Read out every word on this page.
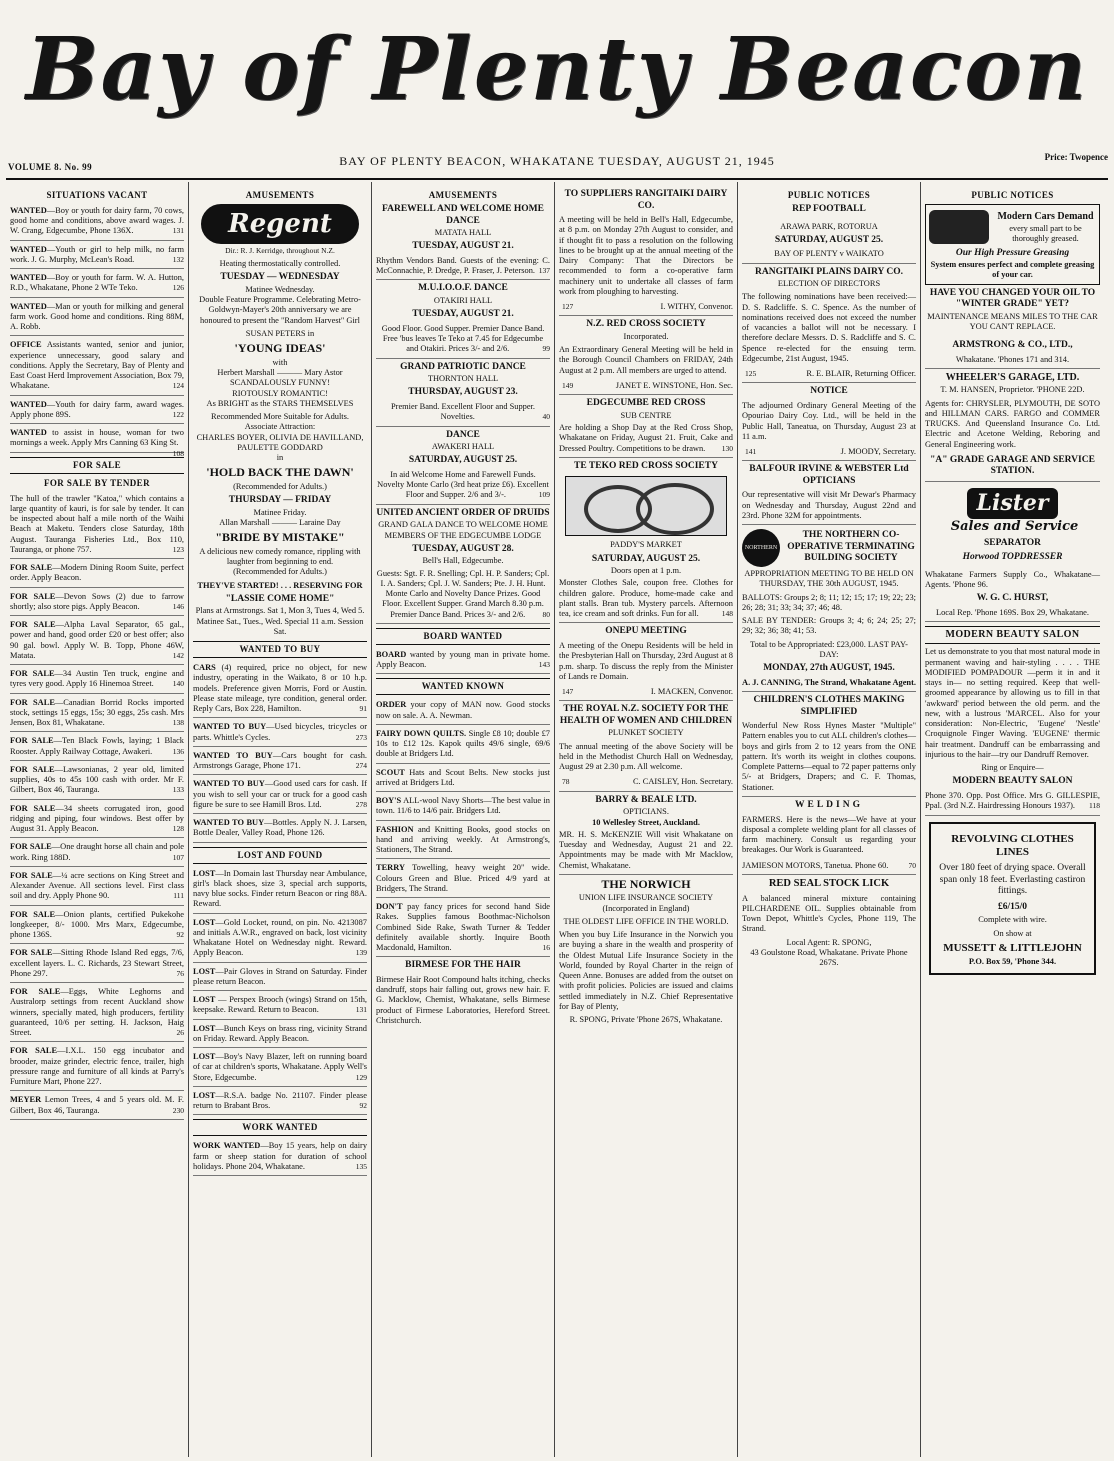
Bay of Plenty Beacon
VOLUME 8. No. 99	BAY OF PLENTY BEACON, WHAKATANE TUESDAY, AUGUST 21, 1945	Price: Twopence
SITUATIONS VACANT
WANTED—Boy or youth for dairy farm, 70 cows, good home and conditions, above award wages. J. W. Crang, Edgecumbe, Phone 136X.	131
WANTED—Youth or girl to help milk, no farm work. J. G. Murphy, McLean's Road.	132
WANTED—Boy or youth for farm. W. A. Hutton, R.D., Whakatane, Phone 2 WTe Teko.	126
WANTED—Man or youth for milking and general farm work. Good home and conditions. Ring 88M, A. Robb.
OFFICE Assistants wanted, senior and junior, experience unnecessary, good salary and conditions. Apply the Secretary, Bay of Plenty and East Coast Herd Improvement Association, Box 79, Whakatane.	124
WANTED—Youth for dairy farm, award wages. Apply phone 89S.	122
WANTED to assist in house, woman for two mornings a week. Apply Mrs Canning 63 King St.
108
FOR SALE
FOR SALE BY TENDER
The hull of the trawler "Katoa," which contains a large quantity of kauri, is for sale by tender. It can be inspected about half a mile north of the Waihi Beach at Maketu. Tenders close Saturday, 18th August. Tauranga Fisheries Ltd., Box 110, Tauranga, or phone 757.	123
FOR SALE—Modern Dining Room Suite, perfect order. Apply Beacon.
FOR SALE—Devon Sows (2) due to farrow shortly; also store pigs. Apply Beacon.	146
FOR SALE—Alpha Laval Separator, 65 gal., power and hand, good order £20 or best offer; also 90 gal. bowl. Apply W. B. Topp, Phone 46W, Matata.	142
FOR SALE—34 Austin Ten truck, engine and tyres very good. Apply 16 Hinemoa Street.	140
FOR SALE—Canadian Borrid Rocks imported stock, settings 15 eggs, 15s; 30 eggs, 25s cash. Mrs Jensen, Box 81, Whakatane.	138
FOR SALE—Ten Black Fowls, laying; 1 Black Rooster. Apply Railway Cottage, Awakeri.	136
FOR SALE—Lawsonianas, 2 year old, limited supplies, 40s to 45s 100 cash with order. Mr F. Gilbert, Box 46, Tauranga.	133
FOR SALE—34 sheets corrugated iron, good ridging and piping, four windows. Best offer by August 31. Apply Beacon.	128
FOR SALE—One draught horse all chain and pole work. Ring 188D.	107
FOR SALE—¼ acre sections on King Street and Alexander Avenue. All sections level. First class soil and dry. Apply Phone 90.	111
FOR SALE—Onion plants, certified Pukekohe longkeeper, 8/- 1000. Mrs Marx, Edgecumbe, phone 136S.	92
FOR SALE—Sitting Rhode Island Red eggs, 7/6, excellent layers. L. C. Richards, 23 Stewart Street, Phone 297.	76
FOR SALE—Eggs, White Leghorns and Australorp settings from recent Auckland show winners, specially mated, high producers, fertility guaranteed, 10/6 per setting. H. Jackson, Haig Street.	26
FOR SALE—I.X.L. 150 egg incubator and brooder, maize grinder, electric fence, trailer, high pressure range and furniture of all kinds at Parry's Furniture Mart, Phone 227.
MEYER Lemon Trees, 4 and 5 years old. M. F. Gilbert, Box 46, Tauranga.	230
AMUSEMENTS
Regent
Dir.: R. J. Kerridge, throughout N.Z.
Heating thermostatically controlled.
TUESDAY — WEDNESDAY
Matinee Wednesday.
Double Feature Programme. Celebrating Metro-Goldwyn-Mayer's 20th anniversary we are honoured to present the "Random Harvest" Girl
SUSAN PETERS in
'YOUNG IDEAS'
with
Herbert Marshall ——— Mary Astor
SCANDALOUSLY FUNNY!
RIOTOUSLY ROMANTIC!
As BRIGHT as the STARS THEMSELVES
Recommended More Suitable for Adults.
Associate Attraction:
CHARLES BOYER, OLIVIA DE HAVILLAND, PAULETTE GODDARD
in
'HOLD BACK THE DAWN'
(Recommended for Adults.)
THURSDAY — FRIDAY
Matinee Friday.
Allan Marshall ——— Laraine Day
"BRIDE BY MISTAKE"
A delicious new comedy romance, rippling with laughter from beginning to end.
(Recommended for Adults.)
THEY'VE STARTED! . . . RESERVING FOR
"LASSIE COME HOME"
Plans at Armstrongs. Sat 1, Mon 3, Tues 4, Wed 5. Matinee Sat., Tues., Wed. Special 11 a.m. Session Sat.
WANTED TO BUY
CARS (4) required, price no object, for new industry, operating in the Waikato, 8 or 10 h.p. models. Preference given Morris, Ford or Austin. Please state mileage, tyre condition, general order. Reply Cars, Box 228, Hamilton.	91
WANTED TO BUY—Used bicycles, tricycles or parts. Whittle's Cycles.	273
WANTED TO BUY—Cars bought for cash. Armstrongs Garage, Phone 171.	274
WANTED TO BUY—Good used cars for cash. If you wish to sell your car or truck for a good cash figure be sure to see Hamill Bros. Ltd.	278
WANTED TO BUY—Bottles. Apply N. J. Larsen, Bottle Dealer, Valley Road, Phone 126.
LOST AND FOUND
LOST—In Domain last Thursday near Ambulance, girl's black shoes, size 3, special arch supports, navy blue socks. Finder return Beacon or ring 88A. Reward.
LOST—Gold Locket, round, on pin. No. 4213087 and initials A.W.R., engraved on back, lost vicinity Whakatane Hotel on Wednesday night. Reward. Apply Beacon.	139
LOST—Pair Gloves in Strand on Saturday. Finder please return Beacon.
LOST — Perspex Brooch (wings) Strand on 15th, keepsake. Reward. Return to Beacon.	131
LOST—Bunch Keys on brass ring, vicinity Strand on Friday. Reward. Apply Beacon.
LOST—Boy's Navy Blazer, left on running board of car at children's sports, Whakatane. Apply Well's Store, Edgecumbe.	129
LOST—R.S.A. badge No. 21107. Finder please return to Brabant Bros.	92
WORK WANTED
WORK WANTED—Boy 15 years, help on dairy farm or sheep station for duration of school holidays. Phone 204, Whakatane.	135
AMUSEMENTS
FAREWELL AND WELCOME HOME DANCE
MATATA HALL
TUESDAY, AUGUST 21.
Rhythm Vendors Band. Guests of the evening: C. McConnachie, P. Dredge, P. Fraser, J. Peterson. 137
M.U.I.O.O.F. DANCE
OTAKIRI HALL
TUESDAY, AUGUST 21.
Good Floor. Good Supper. Premier Dance Band. Free 'bus leaves Te Teko at 7.45 for Edgecumbe and Otakiri. Prices 3/- and 2/6.	99
GRAND PATRIOTIC DANCE
THORNTON HALL
THURSDAY, AUGUST 23.
Premier Band. Excellent Floor and Supper. Novelties.	40
DANCE
AWAKERI HALL
SATURDAY, AUGUST 25.
In aid Welcome Home and Farewell Funds. Novelty Monte Carlo (3rd heat prize £6). Excellent Floor and Supper. 2/6 and 3/-.	109
UNITED ANCIENT ORDER OF DRUIDS
GRAND GALA DANCE TO WELCOME HOME MEMBERS OF THE EDGECUMBE LODGE
TUESDAY, AUGUST 28.
Bell's Hall, Edgecumbe.
Guests: Sgt. F. R. Snelling; Cpl. H. P. Sanders; Cpl. I. A. Sanders; Cpl. J. W. Sanders; Pte. J. H. Hunt. Monte Carlo and Novelty Dance Prizes. Good Floor. Excellent Supper. Grand March 8.30 p.m. Premier Dance Band. Prices 3/- and 2/6. 80
BOARD WANTED
BOARD wanted by young man in private home. Apply Beacon.	143
WANTED KNOWN
ORDER your copy of MAN now. Good stocks now on sale. A. A. Newman.
FAIRY DOWN QUILTS. Single £8 10; double £7 10s to £12 12s. Kapok quilts 49/6 single, 69/6 double at Bridgers Ltd.
SCOUT Hats and Scout Belts. New stocks just arrived at Bridgers Ltd.
BOY'S ALL-wool Navy Shorts—The best value in town. 11/6 to 14/6 pair. Bridgers Ltd.
FASHION and Knitting Books, good stocks on hand and arriving weekly. At Armstrong's, Stationers, The Strand.
TERRY Towelling, heavy weight 20" wide. Colours Green and Blue. Priced 4/9 yard at Bridgers, The Strand.
DON'T pay fancy prices for second hand Side Rakes. Supplies famous Boothmac-Nicholson Combined Side Rake, Swath Turner & Tedder definitely available shortly. Inquire Booth Macdonald, Hamilton.	16
BIRMESE FOR THE HAIR
Birmese Hair Root Compound halts itching, checks dandruff, stops hair falling out, grows new hair. F. G. Macklow, Chemist, Whakatane, sells Birmese product of Firmese Laboratories, Hereford Street. Christchurch.
TO SUPPLIERS RANGITAIKI DAIRY CO.
A meeting will be held in Bell's Hall, Edgecumbe, at 8 p.m. on Monday 27th August to consider, and if thought fit to pass a resolution on the following lines to be brought up at the annual meeting of the Dairy Company: That the Directors be recommended to form a co-operative farm machinery unit to undertake all classes of farm work from ploughing to harvesting.
I. WITHY, Convenor.
127
N.Z. RED CROSS SOCIETY
Incorporated.
An Extraordinary General Meeting will be held in the Borough Council Chambers on FRIDAY, 24th August at 2 p.m. All members are urged to attend.
JANET E. WINSTONE, Hon. Sec.
149
EDGECUMBE RED CROSS
SUB CENTRE
Are holding a Shop Day at the Red Cross Shop, Whakatane on Friday, August 21. Fruit, Cake and Dressed Poultry. Competitions to be drawn. 130
TE TEKO RED CROSS SOCIETY
PADDY'S MARKET
SATURDAY, AUGUST 25.
Doors open at 1 p.m.
Monster Clothes Sale, coupon free. Clothes for children galore. Produce, home-made cake and plant stalls. Bran tub. Mystery parcels. Afternoon tea, ice cream and soft drinks. Fun for all.	148
ONEPU MEETING
A meeting of the Onepu Residents will be held in the Presbyterian Hall on Thursday, 23rd August at 8 p.m. sharp. To discuss the reply from the Minister of Lands re Domain.
I. MACKEN, Convenor.
147
THE ROYAL N.Z. SOCIETY FOR THE HEALTH OF WOMEN AND CHILDREN
PLUNKET SOCIETY
The annual meeting of the above Society will be held in the Methodist Church Hall on Wednesday, August 29 at 2.30 p.m. All welcome.
C. CAISLEY, Hon. Secretary.
78
BARRY & BEALE LTD.
OPTICIANS.
10 Wellesley Street, Auckland.
MR. H. S. McKENZIE Will visit Whakatane on Tuesday and Wednesday, August 21 and 22. Appointments may be made with Mr Macklow, Chemist, Whakatane.
THE NORWICH
UNION LIFE INSURANCE SOCIETY
(Incorporated in England)
THE OLDEST LIFE OFFICE IN THE WORLD.
When you buy Life Insurance in the Norwich you are buying a share in the wealth and prosperity of the Oldest Mutual Life Insurance Society in the World, founded by Royal Charter in the reign of Queen Anne. Bonuses are added from the outset on with profit policies. Policies are issued and claims settled immediately in N.Z. Chief Representative for Bay of Plenty,
R. SPONG, Private 'Phone 267S, Whakatane.
PUBLIC NOTICES
REP FOOTBALL
ARAWA PARK, ROTORUA
SATURDAY, AUGUST 25.
BAY OF PLENTY v WAIKATO
RANGITAIKI PLAINS DAIRY CO.
ELECTION OF DIRECTORS
The following nominations have been received:— D. S. Radcliffe. S. C. Spence. As the number of nominations received does not exceed the number of vacancies a ballot will not be necessary. I therefore declare Messrs. D. S. Radcliffe and S. C. Spence re-elected for the ensuing term. Edgecumbe, 21st August, 1945.
R. E. BLAIR, Returning Officer.
125
NOTICE
The adjourned Ordinary General Meeting of the Opouriao Dairy Coy. Ltd., will be held in the Public Hall, Taneatua, on Thursday, August 23 at 11 a.m.
J. MOODY, Secretary.
141
BALFOUR IRVINE & WEBSTER Ltd OPTICIANS
Our representative will visit Mr Dewar's Pharmacy on Wednesday and Thursday, August 22nd and 23rd. Phone 32M for appointments.
NORTHERN
THE NORTHERN CO-OPERATIVE TERMINATING BUILDING SOCIETY
APPROPRIATION MEETING TO BE HELD ON THURSDAY, THE 30th AUGUST, 1945.
BALLOTS: Groups 2; 8; 11; 12; 15; 17; 19; 22; 23; 26; 28; 31; 33; 34; 37; 46; 48.
SALE BY TENDER: Groups 3; 4; 6; 24; 25; 27; 29; 32; 36; 38; 41; 53.
Total to be Appropriated: £23,000. LAST PAY-DAY:
MONDAY, 27th AUGUST, 1945.
A. J. CANNING, The Strand, Whakatane Agent.
CHILDREN'S CLOTHES MAKING SIMPLIFIED
Wonderful New Ross Hynes Master "Multiple" Pattern enables you to cut ALL children's clothes—boys and girls from 2 to 12 years from the ONE pattern. It's worth its weight in clothes coupons. Complete Patterns—equal to 72 paper patterns only 5/- at Bridgers, Drapers; and C. F. Thomas, Stationer.
WELDING
FARMERS. Here is the news—We have at your disposal a complete welding plant for all classes of farm machinery. Consult us regarding your breakages. Our Work is Guaranteed.
JAMIESON MOTORS, Tanetua. Phone 60.	70
RED SEAL STOCK LICK
A balanced mineral mixture containing PILCHARDENE OIL. Supplies obtainable from Town Depot, Whittle's Cycles, Phone 119, The Strand.
Local Agent: R. SPONG,
43 Goulstone Road, Whakatane. Private Phone 267S.
PUBLIC NOTICES
Modern Cars Demand
every small part to be thoroughly greased.
Our High Pressure Greasing
System ensures perfect and complete greasing of your car.
HAVE YOU CHANGED YOUR OIL TO "WINTER GRADE" YET?
MAINTENANCE MEANS MILES TO THE CAR YOU CAN'T REPLACE.
ARMSTRONG & CO., LTD.,
Whakatane. 'Phones 171 and 314.
WHEELER'S GARAGE, LTD.
T. M. HANSEN, Proprietor. 'PHONE 22D.
Agents for: CHRYSLER, PLYMOUTH, DE SOTO and HILLMAN CARS. FARGO and COMMER TRUCKS. And Queensland Insurance Co. Ltd. Electric and Acetone Welding, Reboring and General Engineering work.
"A" GRADE GARAGE AND SERVICE STATION.
Lister Sales and Service
SEPARATOR
Horwood TOPDRESSER
Whakatane Farmers Supply Co., Whakatane— Agents. 'Phone 96.
W. G. C. HURST,
Local Rep. 'Phone 169S. Box 29, Whakatane.
MODERN BEAUTY SALON
Let us demonstrate to you that most natural mode in permanent waving and hair-styling . . . . THE MODIFIED POMPADOUR —perm it in and it stays in— no setting required. Keep that well-groomed appearance by allowing us to fill in that 'awkward' period between the old perm. and the new, with a lustrous 'MARCEL. Also for your consideration: Non-Electric, 'Eugene' 'Nestle' Croquignole Finger Waving. 'EUGENE' thermic hair treatment. Dandruff can be embarrassing and injurious to the hair—try our Dandruff Remover.
Ring or Enquire—
MODERN BEAUTY SALON
Phone 370. Opp. Post Office. Mrs G. GILLESPIE, Ppal. (3rd N.Z. Hairdressing Honours 1937). 118
REVOLVING CLOTHES LINES
Over 180 feet of drying space. Overall span only 18 feet. Everlasting castiron fittings.
£6/15/0
Complete with wire.
On show at
MUSSETT & LITTLEJOHN
P.O. Box 59, 'Phone 344.
